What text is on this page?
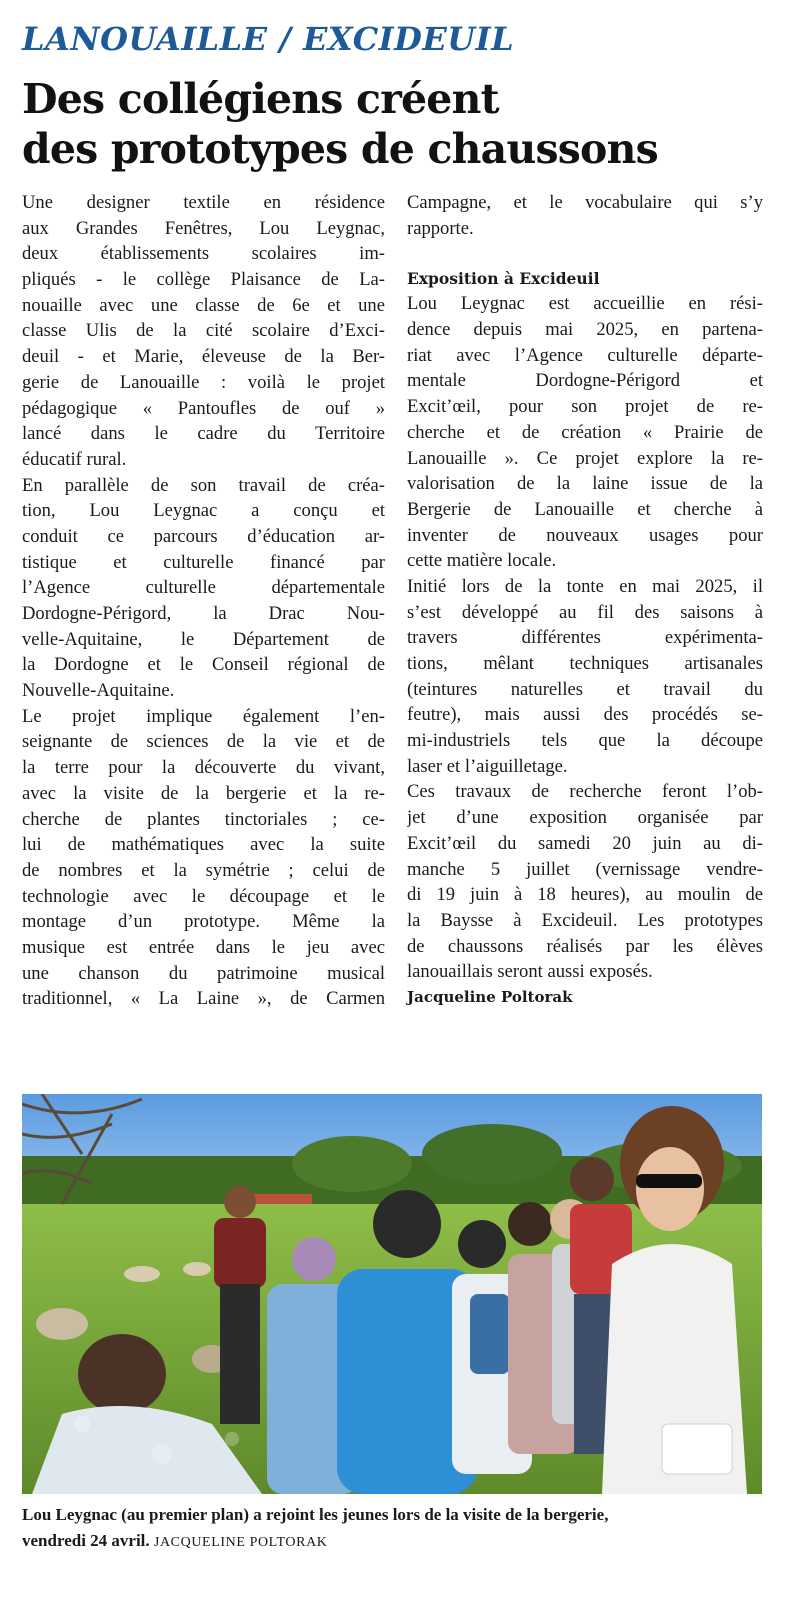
LANOUAILLE / EXCIDEUIL
Des collégiens créent
des prototypes de chaussons
Une designer textile en résidence
aux Grandes Fenêtres, Lou Leygnac,
deux établissements scolaires im-
pliqués - le collège Plaisance de La-
nouaille avec une classe de 6e et une
classe Ulis de la cité scolaire d’Exci-
deuil - et Marie, éleveuse de la Ber-
gerie de Lanouaille : voilà le projet
pédagogique « Pantoufles de ouf »
lancé dans le cadre du Territoire
éducatif rural.
En parallèle de son travail de créa-
tion, Lou Leygnac a conçu et
conduit ce parcours d’éducation ar-
tistique et culturelle financé par
l’Agence culturelle départementale
Dordogne-Périgord, la Drac Nou-
velle-Aquitaine, le Département de
la Dordogne et le Conseil régional de
Nouvelle-Aquitaine.
Le projet implique également l’en-
seignante de sciences de la vie et de
la terre pour la découverte du vivant,
avec la visite de la bergerie et la re-
cherche de plantes tinctoriales ; ce-
lui de mathématiques avec la suite
de nombres et la symétrie ; celui de
technologie avec le découpage et le
montage d’un prototype. Même la
musique est entrée dans le jeu avec
une chanson du patrimoine musical
traditionnel, « La Laine », de Carmen
Campagne, et le vocabulaire qui s’y
rapporte.
Exposition à Excideuil
Lou Leygnac est accueillie en rési-
dence depuis mai 2025, en partena-
riat avec l’Agence culturelle départe-
mentale Dordogne-Périgord et
Excit’œil, pour son projet de re-
cherche et de création « Prairie de
Lanouaille ». Ce projet explore la re-
valorisation de la laine issue de la
Bergerie de Lanouaille et cherche à
inventer de nouveaux usages pour
cette matière locale.
Initié lors de la tonte en mai 2025, il
s’est développé au fil des saisons à
travers différentes expérimenta-
tions, mêlant techniques artisanales
(teintures naturelles et travail du
feutre), mais aussi des procédés se-
mi-industriels tels que la découpe
laser et l’aiguilletage.
Ces travaux de recherche feront l’ob-
jet d’une exposition organisée par
Excit’œil du samedi 20 juin au di-
manche 5 juillet (vernissage vendre-
di 19 juin à 18 heures), au moulin de
la Baysse à Excideuil. Les prototypes
de chaussons réalisés par les élèves
lanouaillais seront aussi exposés.
Jacqueline Poltorak
Lou Leygnac (au premier plan) a rejoint les jeunes lors de la visite de la bergerie,
vendredi 24 avril. JACQUELINE POLTORAK
